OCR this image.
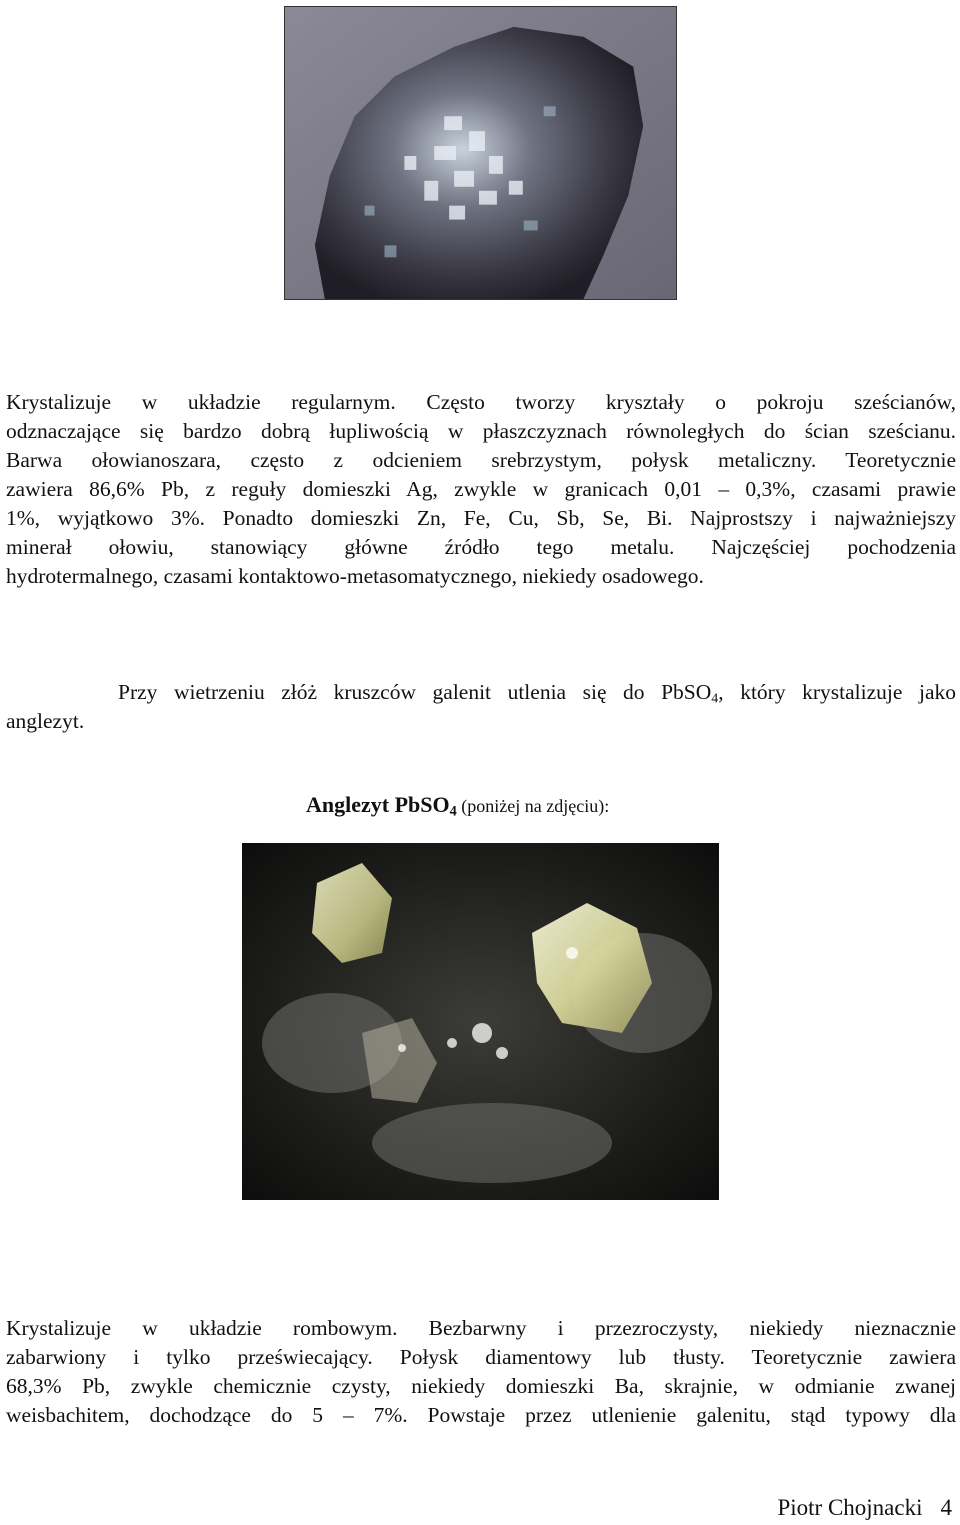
Krystalizuje w układzie regularnym. Często tworzy kryształy o pokroju sześcianów,
odznaczające się bardzo dobrą łupliwością w płaszczyznach równoległych do ścian sześcianu.
Barwa ołowianoszara, często z odcieniem srebrzystym, połysk metaliczny. Teoretycznie
zawiera 86,6% Pb, z reguły domieszki Ag, zwykle w granicach 0,01 – 0,3%, czasami prawie
1%, wyjątkowo 3%. Ponadto domieszki Zn, Fe, Cu, Sb, Se, Bi. Najprostszy i najważniejszy
minerał ołowiu, stanowiący główne źródło tego metalu. Najczęściej pochodzenia
hydrotermalnego, czasami kontaktowo-metasomatycznego, niekiedy osadowego.
Przy wietrzeniu złóż kruszców galenit utlenia się do PbSO$_4$, który krystalizuje jako
anglezyt.
Anglezyt PbSO$_4$ (poniżej na zdjęciu):
Krystalizuje w układzie rombowym. Bezbarwny i przezroczysty, niekiedy nieznacznie
zabarwiony i tylko przeświecający. Połysk diamentowy lub tłusty. Teoretycznie zawiera
68,3% Pb, zwykle chemicznie czysty, niekiedy domieszki Ba, skrajnie, w odmianie zwanej
weisbachitem, dochodzące do 5 – 7%. Powstaje przez utlenienie galenitu, stąd typowy dla
Piotr Chojnacki 4
